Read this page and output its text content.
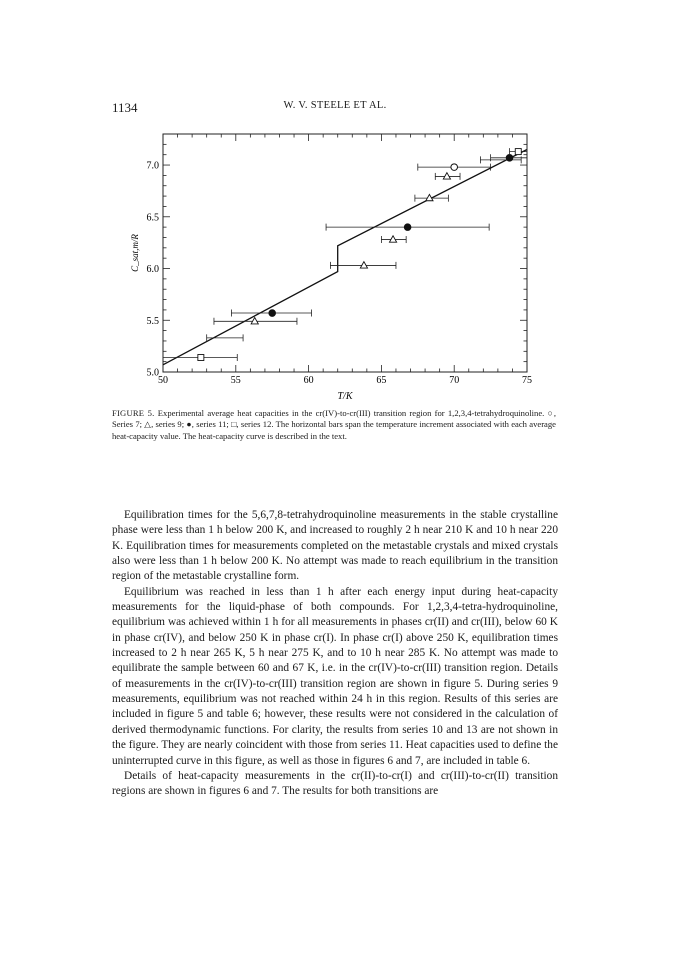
1134	W. V. STEELE ET AL.
50	55	60	65	70	75
5.0
5.5
6.0
6.5
7.0
T/K
C_sat,m/R
FIGURE 5. Experimental average heat capacities in the cr(IV)-to-cr(III) transition region for 1,2,3,4-tetrahydroquinoline. ○, Series 7; △, series 9; ●, series 11; □, series 12. The horizontal bars span the temperature increment associated with each average heat-capacity value. The heat-capacity curve is described in the text.

Equilibration times for the 5,6,7,8-tetrahydroquinoline measurements in the stable crystalline phase were less than 1 h below 200 K, and increased to roughly 2 h near 210 K and 10 h near 220 K. Equilibration times for measurements completed on the metastable crystals and mixed crystals also were less than 1 h below 200 K. No attempt was made to reach equilibrium in the transition region of the metastable crystalline form.

Equilibrium was reached in less than 1 h after each energy input during heat-capacity measurements for the liquid-phase of both compounds. For 1,2,3,4-tetra-hydroquinoline, equilibrium was achieved within 1 h for all measurements in phases cr(II) and cr(III), below 60 K in phase cr(IV), and below 250 K in phase cr(I). In phase cr(I) above 250 K, equilibration times increased to 2 h near 265 K, 5 h near 275 K, and to 10 h near 285 K. No attempt was made to equilibrate the sample between 60 and 67 K, i.e. in the cr(IV)-to-cr(III) transition region. Details of measurements in the cr(IV)-to-cr(III) transition region are shown in figure 5. During series 9 measurements, equilibrium was not reached within 24 h in this region. Results of this series are included in figure 5 and table 6; however, these results were not considered in the calculation of derived thermodynamic functions. For clarity, the results from series 10 and 13 are not shown in the figure. They are nearly coincident with those from series 11. Heat capacities used to define the uninterrupted curve in this figure, as well as those in figures 6 and 7, are included in table 6.

Details of heat-capacity measurements in the cr(II)-to-cr(I) and cr(III)-to-cr(II) transition regions are shown in figures 6 and 7. The results for both transitions are
